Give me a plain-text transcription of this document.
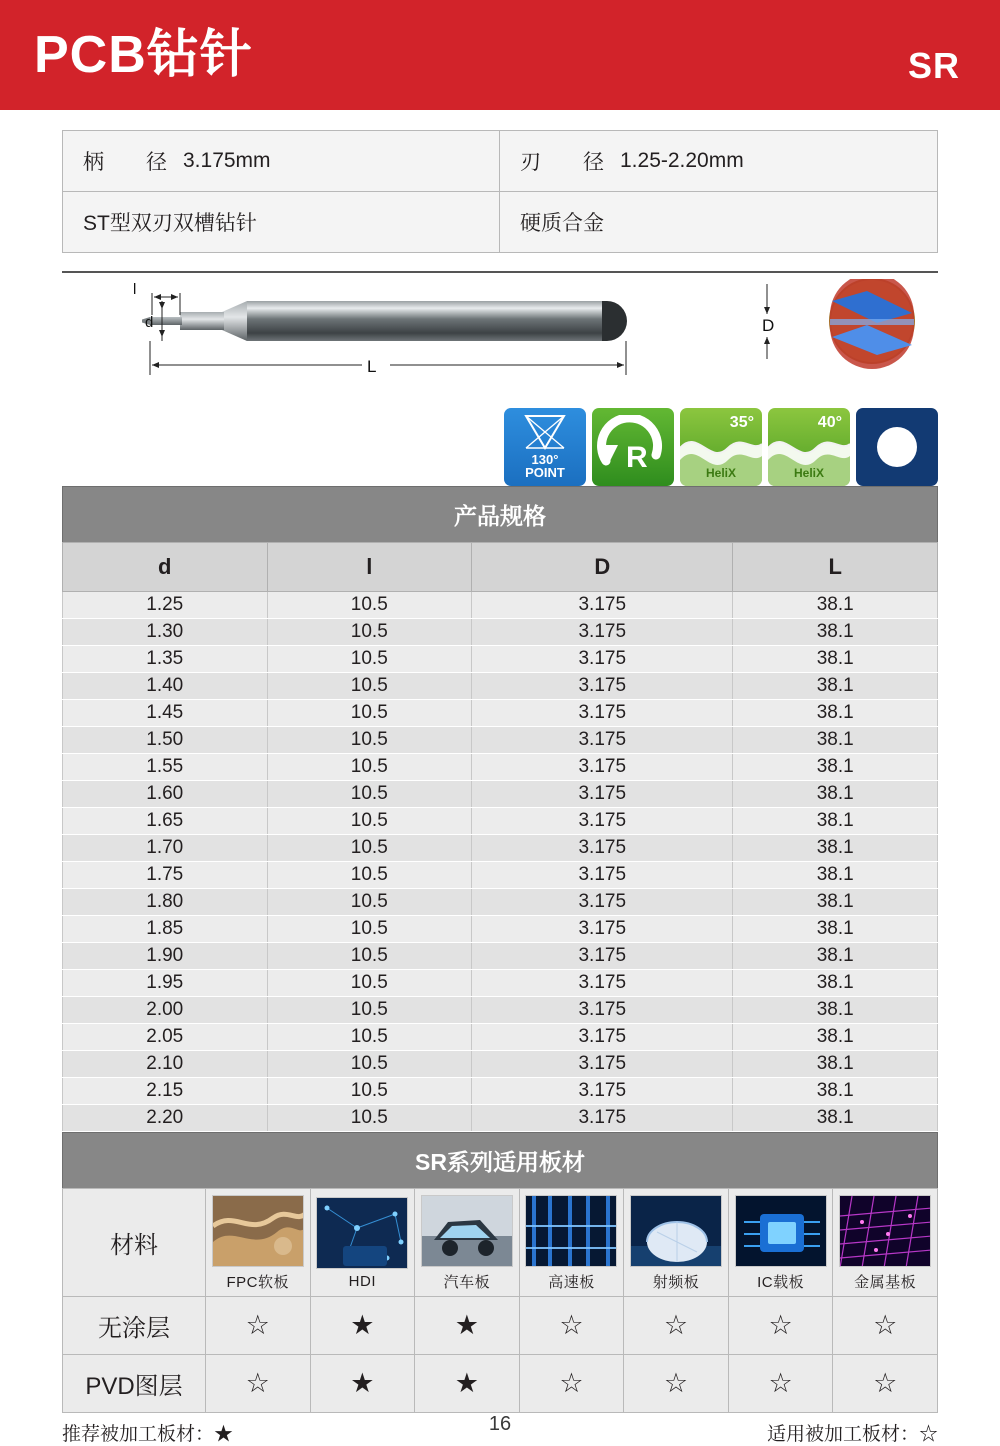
PCB钻针	SR
柄　　径 3.175mm	刃　　径 1.25-2.20mm
ST型双刃双槽钻针	硬质合金
d
l
L
D
130°
POINT	R
35°
HeliX
40°
HeliX
产品规格
d	l	D	L
1.25	10.5	3.175	38.1
1.30	10.5	3.175	38.1
1.35	10.5	3.175	38.1
1.40	10.5	3.175	38.1
1.45	10.5	3.175	38.1
1.50	10.5	3.175	38.1
1.55	10.5	3.175	38.1
1.60	10.5	3.175	38.1
1.65	10.5	3.175	38.1
1.70	10.5	3.175	38.1
1.75	10.5	3.175	38.1
1.80	10.5	3.175	38.1
1.85	10.5	3.175	38.1
1.90	10.5	3.175	38.1
1.95	10.5	3.175	38.1
2.00	10.5	3.175	38.1
2.05	10.5	3.175	38.1
2.10	10.5	3.175	38.1
2.15	10.5	3.175	38.1
2.20	10.5	3.175	38.1
SR系列适用板材
材料	FPC软板	HDI	汽车板	高速板	射频板	IC载板	金属基板

无涂层	☆	★	★	☆	☆	☆	☆
PVD图层	☆	★	★	☆	☆	☆	☆
推荐被加工板材：★	适用被加工板材：☆
16
